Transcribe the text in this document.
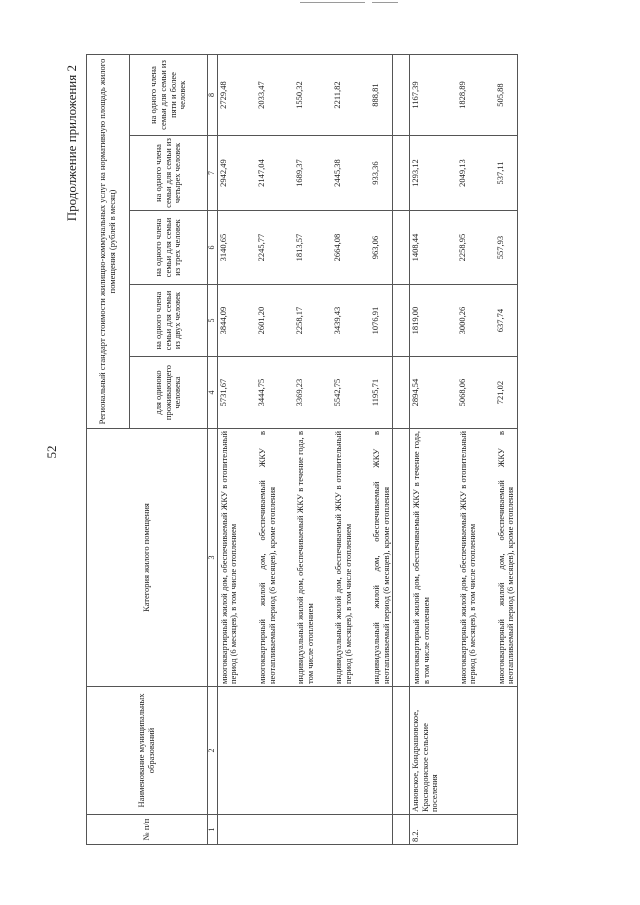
52
Продолжение приложения 2
№ п/п	Наименование муниципальных образований	Категория жилого помещения	Региональный стандарт стоимости жилищно-коммунальных услуг на нормативную площадь жилого помещения (рублей в месяц)				
			для одиноко проживающего человека	на одного члена семьи для семьи из двух человек	на одного члена семьи для семьи из трех человек	на одного члена семьи для семьи из четырех человек	на одного члена семьи для семьи из пяти и более человек
1	2	3	4	5	6	7	8
		многоквартирный жилой дом, обеспечиваемый ЖКУ в отопительный период (6 месяцев), в том числе отоплением	5731,67	3844,09	3140,65	2942,49	2729,48

		многоквартирный жилой дом, обеспечиваемый ЖКУ в неотапливаемый период (6 месяцев), кроме отопления	3444,75	2601,20	2245,77	2147,04	2033,47

		индивидуальный жилой дом, обеспечиваемый ЖКУ в течение года, в том числе отоплением	3369,23	2258,17	1813,57	1689,37	1550,32

		индивидуальный жилой дом, обеспечиваемый ЖКУ в отопительный период (6 месяцев), в том числе отоплением	5542,75	3439,43	2664,08	2445,38	2211,82

		индивидуальный жилой дом, обеспечиваемый ЖКУ в неотапливаемый период (6 месяцев), кроме отопления	1195,71	1076,91	963,06	933,36	888,81

8.2.	Анновское, Кондрашовское, Краснодонское сельские поселения	многоквартирный жилой дом, обеспечиваемый ЖКУ в течение года, в том числе отоплением	2894,54	1819,00	1408,44	1293,12	1167,39

		многоквартирный жилой дом, обеспечиваемый ЖКУ в отопительный период (6 месяцев), в том числе отоплением	5068,06	3000,26	2258,95	2049,13	1828,89

		многоквартирный жилой дом, обеспечиваемый ЖКУ в неотапливаемый период (6 месяцев), кроме отопления	721,02	637,74	557,93	537,11	505,88
